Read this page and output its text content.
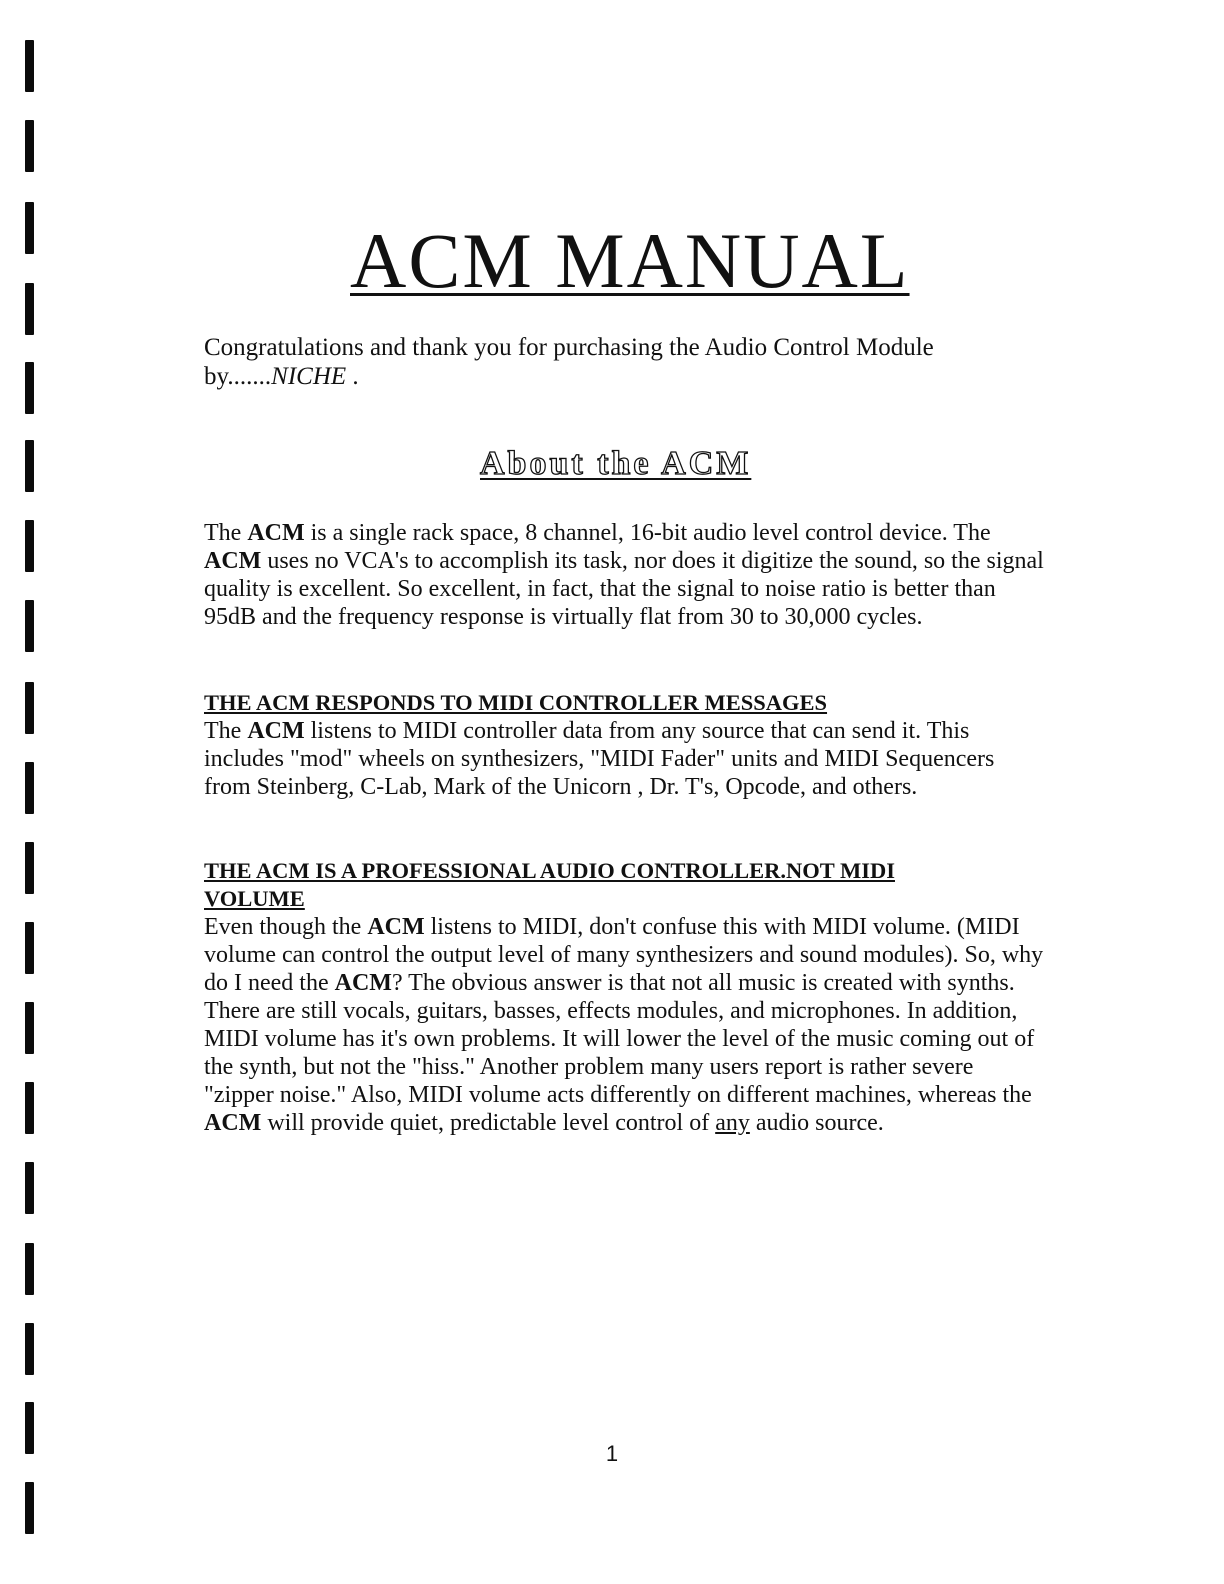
ACM MANUAL

Congratulations and thank you for purchasing the Audio Control Module by.......NICHE .

About the ACM

The ACM is a single rack space, 8 channel, 16-bit audio level control device. The ACM uses no VCA's to accomplish its task, nor does it digitize the sound, so the signal quality is excellent. So excellent, in fact, that the signal to noise ratio is better than 95dB and the frequency response is virtually flat from 30 to 30,000 cycles.

THE ACM RESPONDS TO MIDI CONTROLLER MESSAGES
The ACM listens to MIDI controller data from any source that can send it. This includes "mod" wheels on synthesizers, "MIDI Fader" units and MIDI Sequencers from Steinberg, C-Lab, Mark of the Unicorn , Dr. T's, Opcode, and others.

THE ACM IS A PROFESSIONAL AUDIO CONTROLLER.NOT MIDI VOLUME
Even though the ACM listens to MIDI, don't confuse this with MIDI volume. (MIDI volume can control the output level of many synthesizers and sound modules). So, why do I need the ACM? The obvious answer is that not all music is created with synths. There are still vocals, guitars, basses, effects modules, and microphones. In addition, MIDI volume has it's own problems. It will lower the level of the music coming out of the synth, but not the "hiss." Another problem many users report is rather severe "zipper noise." Also, MIDI volume acts differently on different machines, whereas the ACM will provide quiet, predictable level control of any audio source.

1
